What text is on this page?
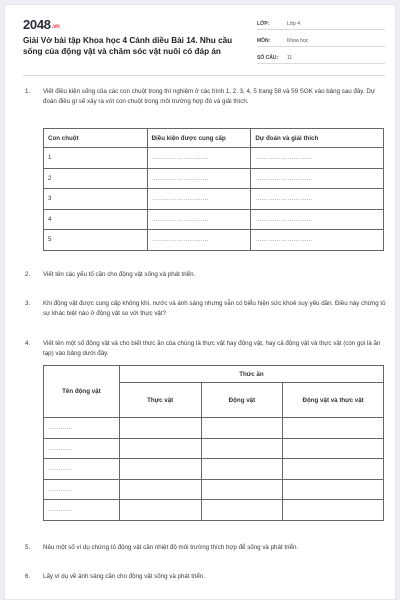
2048.vn
Giải Vở bài tập Khoa học 4 Cánh diều Bài 14. Nhu cầu sống của động vật và chăm sóc vật nuôi có đáp án
LỚP:	Lớp 4
MÔN:	Khoa học
SỐ CÂU:	11
1.	Viết điều kiện sống của các con chuột trong thí nghiệm ở các hình 1, 2, 3, 4, 5 trang 58 và 59 SGK vào bảng sau đây. Dự đoán điều gì sẽ xảy ra với con chuột trong môi trường hợp đó và giải thích.
Con chuột	Điều kiện được cung cấp	Dự đoán và giải thích
1	………………………	………………………
2	………………………	………………………
3	………………………	………………………
4	………………………	………………………
5	………………………	………………………
2.	Viết tên các yếu tố cần cho động vật sống và phát triển.
3.	Khi động vật được cung cấp không khí, nước và ánh sáng nhưng vẫn có biểu hiện sức khoẻ suy yếu dần. Điều này chứng tỏ sự khác biệt nào ở động vật so với thực vật?
4.	Viết tên một số động vật và cho biết thức ăn của chúng là thực vật hay động vật, hay cả động vật và thực vật (còn gọi là ăn tạp) vào bảng dưới đây.
Tên động vật	Thức ăn		
	Thực vật	Động vật	Động vật và thực vật
…………			
…………			
…………			
…………			
…………			
5.	Nêu một số ví dụ chứng tỏ động vật cần nhiệt độ môi trường thích hợp để sống và phát triển.
6.	Lấy ví dụ về ánh sáng cần cho động vật sống và phát triển.
